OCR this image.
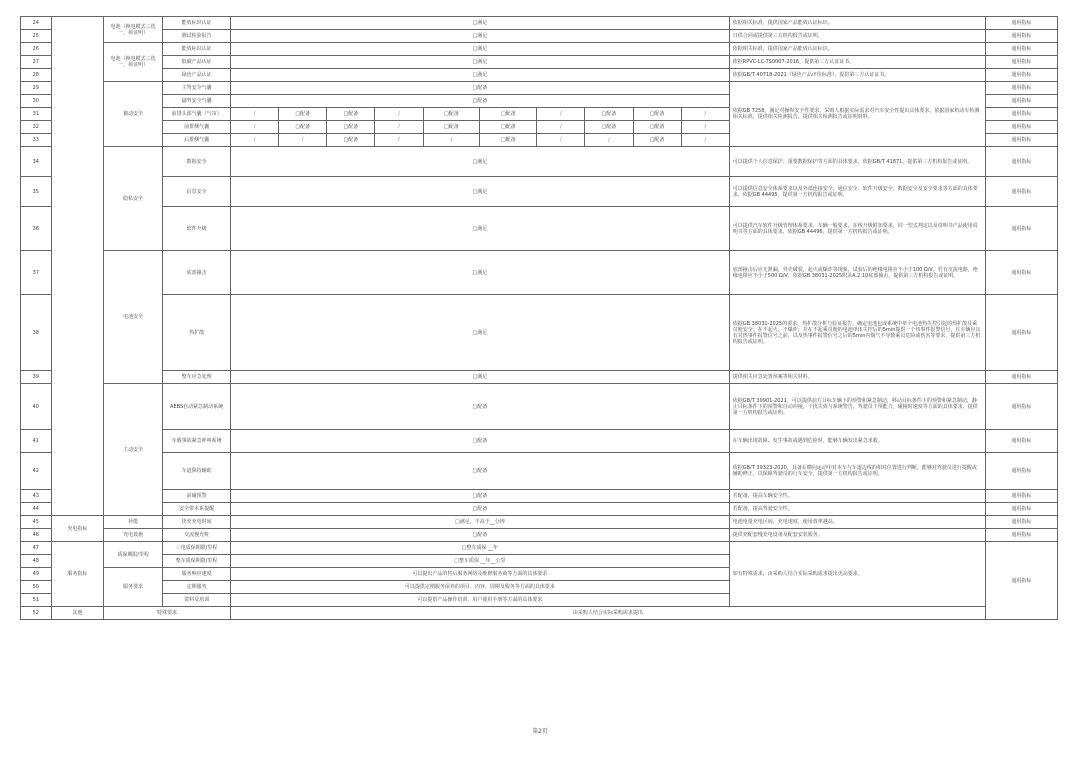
24		电池（换电模式三选一，须证明）	能效标识认证	□满足										依据相关标准，提供国家产品能效认证标识。	通用指标
25			测试检验报告	□满足										日供合同或提供第三方机构报告或证明。	通用指标
26		电池（换电模式三选一，须证明）	能效标识认证	□满足										依据相关标准，提供国家产品能效认证标识。	通用指标
27			低碳产品认证	□满足										依据RPVC-LC-TS0007-2016，提供第三方认证证书。	通用指标
28			绿色产品认证	□满足										依据GB/T 40718-2021《绿色产品评价标准》，提供第三方认证证书。	通用指标
29		被动安全	主驾安全气囊	□配备										依据GB 7258，满足对操纵安全性要求，采购人根据实际需求对汽车安全性提出具体要求，依据国家机动车检测相关标准，提供相关检测报告。提供相关检测报告或证明材料。	通用指标
30			副驾安全气囊	□配备											通用指标
31			前排头部气囊（气帘）	/	□配备	□配备	/	□配备	□配备	/	□配备	□配备	/		通用指标
32			前排侧气囊	/	□配备	□配备	/	□配备	□配备	/	□配备	□配备	/		通用指标
33			后排侧气囊	/	/	□配备	/	/	□配备	/	/	□配备	/		通用指标
34		隐私安全	数据安全	□满足										可以提供个人信息保护、重要数据保护等方面的具体要求，依据GB/T 41871，提供第三方机构报告或证明。	通用指标
35			信息安全	□满足										可以提供信息安全体系要求以及外部连接安全、通信安全、软件升级安全、数据安全及安全要求等方面的具体要求，依据GB 44495，提供第一方机构报告或证明。	通用指标
36			软件升级	□满足										可以提供汽车软件升级管理体系要求，车辆一般要求，在线升级附加要求，同一型式判定以及说明书产品使用说明书等方面的具体要求，依据GB 44496，提供第一方机构报告或证明。	通用指标
37		电池安全	底部撞击	□满足										底部撞击后应无泄漏，外壳破裂，起火或爆炸等现象，试验后的绝缘电阻应不小于100 Ω/V，若有交流电路，绝缘电阻应不小于500 Ω/V，依据GB 38031-2025附录A.2.10底部撞击，提供第三方机构报告或证明。	通用指标
38			热扩散	□满足										依据GB 38031-2025的要求，热扩散分析与验证报告，确定电池包或系统中单个电池热失控引起的热扩散及乘员舱安全；在不起火、不爆炸；并在不起乘员舱的电池单体失控后的5min提供一个热事件报警信号，且车辆应具有对热事件报警信号之前，以及热事件报警信号之后的5min内烟气不导致乘员危险或伤害等要求，提供第三方机构报告或证明。	通用指标
39			整车应急处理	□满足										提供相关应急处置预案等相关材料。	通用指标
40		主动安全	AEBS自动紧急制动系统	□配备										依据GB/T 39901-2021，可以提供前方目标车辆下的预警和紧急制动，移动目标条件下的预警和紧急制动，静止目标条件下的预警和自动冲撞，干扰失效与系统警告，驾驶员干预能力，碰撞时速度等方面的具体要求，提供第一方机构报告或证明。	通用指标
41			车载事故紧急呼叫系统	□配备										在车辆出现故障、发生事故或遇到危险时，能够车辆发出紧急求救。	通用指标
42			车道保持辅助	□配备										依据GB/T 39323-2020，具备在横向运动中对本车与车道边线的相对位置进行判断，能够对驾驶员进行提醒或辅助修正，以保障驾驶员的行车安全，提供第一方机构报告或证明。	通用指标
43			前碰预警	□配备										若配备，提高车辆安全性。	通用指标
44			安全带未系提醒	□配备										若配备，提高驾驶安全性。	通用指标
45	充电指标	补能	快充充电时间	□满足，不高于__分钟										电池电量充电区间、充电速度，使用效率越高。	通用指标
46		充电设施	交流慢充桩	□配备										提供充配套慢充电设备及配套安装服务。	通用指标
47	服务指标	质保期限/里程	三电质保期限/里程	□整车质保 __年										如有特殊需求，由采购人结合实际采购需求提出更高要求。	通用指标
48			整车质保期限/里程	□整车质保 __年__公里											
49		服务要求	服务响应速度	可以提出产品的售后服务网络及维修服务商等方面的具体要求											
50			定期服务	可以提供定期服务保养的项目、内容、周期及服务等方面的具体要求											
51			资料及培训	可以提供产品操作培训，用户使用手册等方面的具体要求											
52	其他	特殊要求		由采购人结合实际采购需求提出											
第2页
